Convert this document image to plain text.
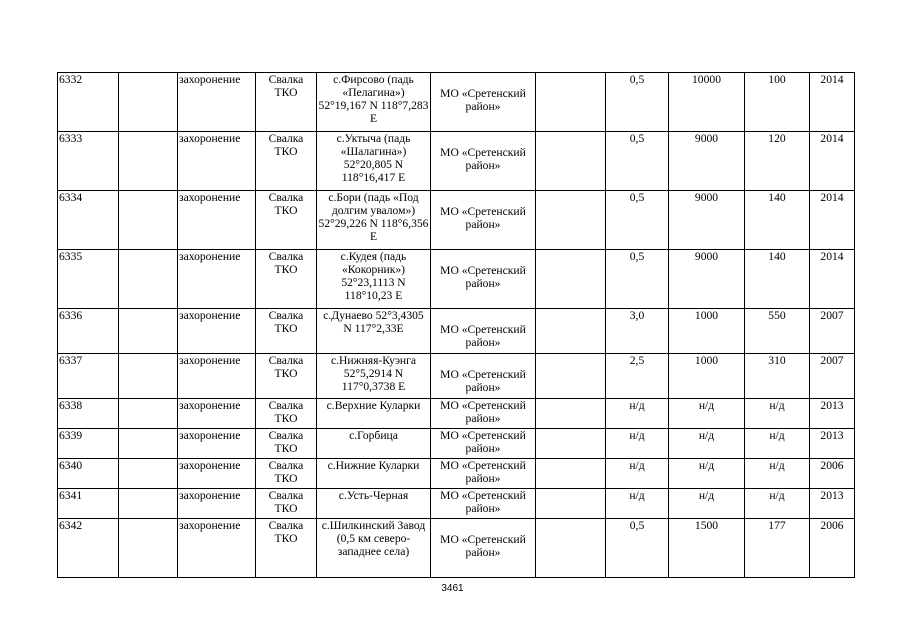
6332		захоронение	Свалка ТКО	с.Фирсово (падь «Пелагина») 52°19,167 N 118°7,283 E	МО «Сретенский район»		0,5	10000	100	2014
6333		захоронение	Свалка ТКО	с.Уктыча (падь «Шалагина») 52°20,805 N 118°16,417 E	МО «Сретенский район»		0,5	9000	120	2014
6334		захоронение	Свалка ТКО	с.Бори (падь «Под долгим увалом») 52°29,226 N 118°6,356 E	МО «Сретенский район»		0,5	9000	140	2014
6335		захоронение	Свалка ТКО	с.Кудея (падь «Кокорник») 52°23,1113 N 118°10,23 E	МО «Сретенский район»		0,5	9000	140	2014
6336		захоронение	Свалка ТКО	с.Дунаево 52°3,4305 N 117°2,33E	МО «Сретенский район»		3,0	1000	550	2007
6337		захоронение	Свалка ТКО	с.Нижняя-Куэнга 52°5,2914 N 117°0,3738 E	МО «Сретенский район»		2,5	1000	310	2007
6338		захоронение	Свалка ТКО	с.Верхние Куларки	МО «Сретенский район»		н/д	н/д	н/д	2013
6339		захоронение	Свалка ТКО	с.Горбица	МО «Сретенский район»		н/д	н/д	н/д	2013
6340		захоронение	Свалка ТКО	с.Нижние Куларки	МО «Сретенский район»		н/д	н/д	н/д	2006
6341		захоронение	Свалка ТКО	с.Усть-Черная	МО «Сретенский район»		н/д	н/д	н/д	2013
6342		захоронение	Свалка ТКО	с.Шилкинский Завод (0,5 км северо-западнее села)	МО «Сретенский район»		0,5	1500	177	2006
3461
